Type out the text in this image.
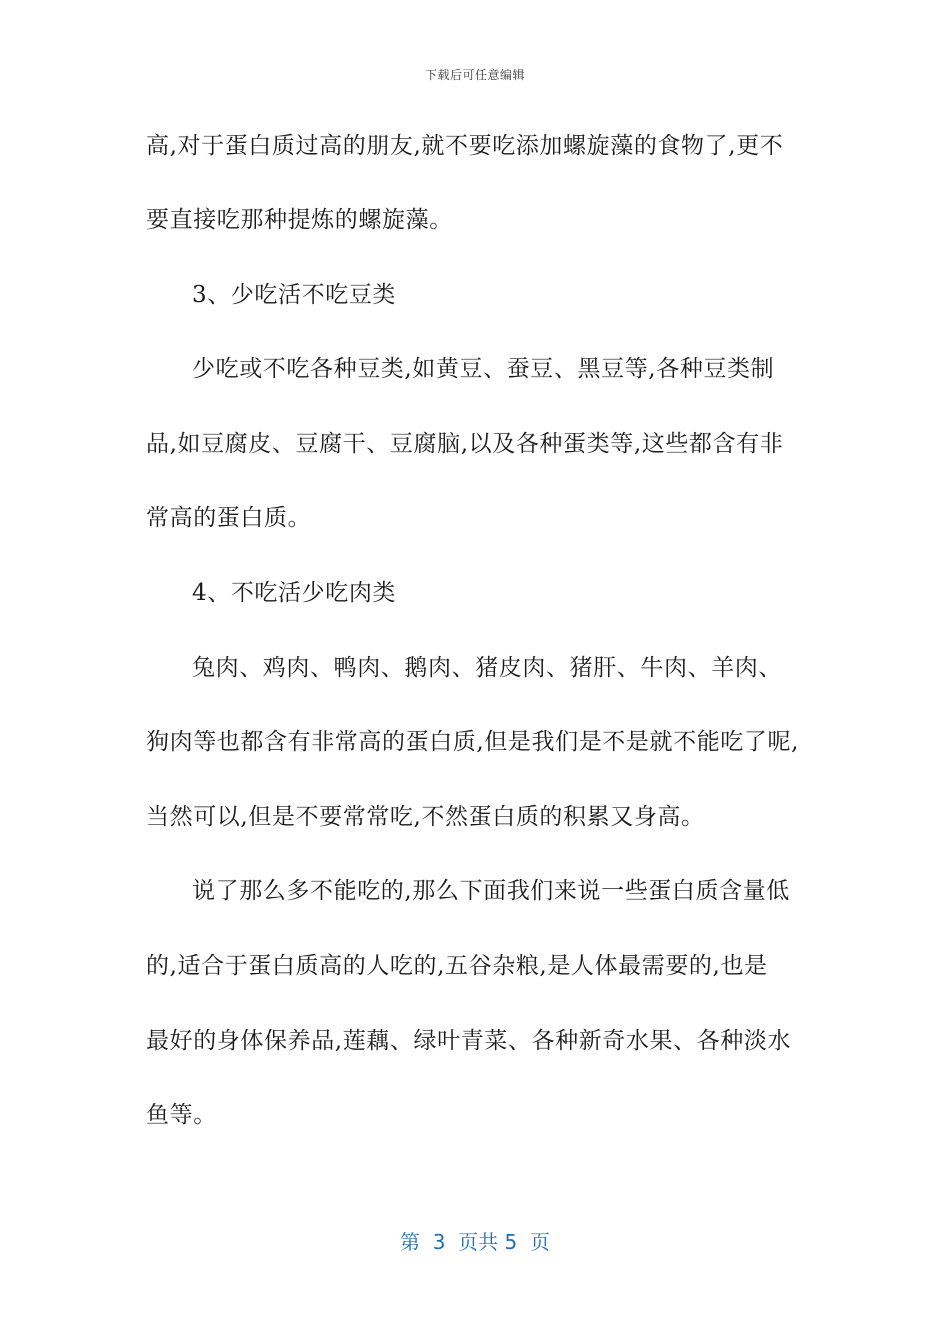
下载后可任意编辑
高,对于蛋白质过高的朋友,就不要吃添加螺旋藻的食物了,更不
要直接吃那种提炼的螺旋藻。
3、少吃活不吃豆类
少吃或不吃各种豆类,如黄豆、蚕豆、黑豆等,各种豆类制
品,如豆腐皮、豆腐干、豆腐脑,以及各种蛋类等,这些都含有非
常高的蛋白质。
4、不吃活少吃肉类
兔肉、鸡肉、鸭肉、鹅肉、猪皮肉、猪肝、牛肉、羊肉、
狗肉等也都含有非常高的蛋白质,但是我们是不是就不能吃了呢,
当然可以,但是不要常常吃,不然蛋白质的积累又身高。
说了那么多不能吃的,那么下面我们来说一些蛋白质含量低
的,适合于蛋白质高的人吃的,五谷杂粮,是人体最需要的,也是
最好的身体保养品,莲藕、绿叶青菜、各种新奇水果、各种淡水
鱼等。
第  3  页共 5  页
